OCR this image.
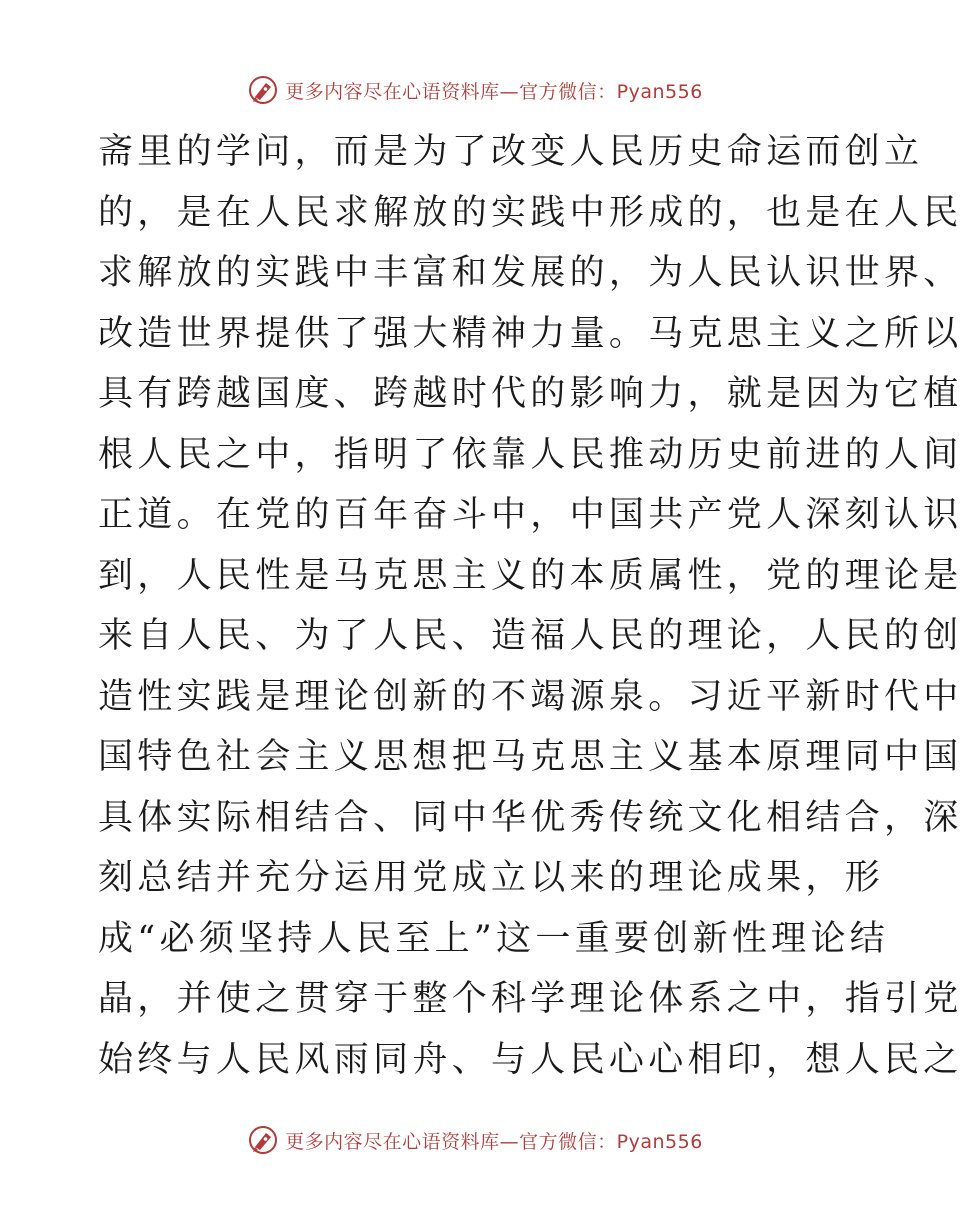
更多内容尽在心语资料库—官方微信：Pyan556
斋里的学问，而是为了改变人民历史命运而创立
的，是在人民求解放的实践中形成的，也是在人民
求解放的实践中丰富和发展的，为人民认识世界、
改造世界提供了强大精神力量。马克思主义之所以
具有跨越国度、跨越时代的影响力，就是因为它植
根人民之中，指明了依靠人民推动历史前进的人间
正道。在党的百年奋斗中，中国共产党人深刻认识
到，人民性是马克思主义的本质属性，党的理论是
来自人民、为了人民、造福人民的理论，人民的创
造性实践是理论创新的不竭源泉。习近平新时代中
国特色社会主义思想把马克思主义基本原理同中国
具体实际相结合、同中华优秀传统文化相结合，深
刻总结并充分运用党成立以来的理论成果，形
成“必须坚持人民至上”这一重要创新性理论结
晶，并使之贯穿于整个科学理论体系之中，指引党
始终与人民风雨同舟、与人民心心相印，想人民之
更多内容尽在心语资料库—官方微信：Pyan556
